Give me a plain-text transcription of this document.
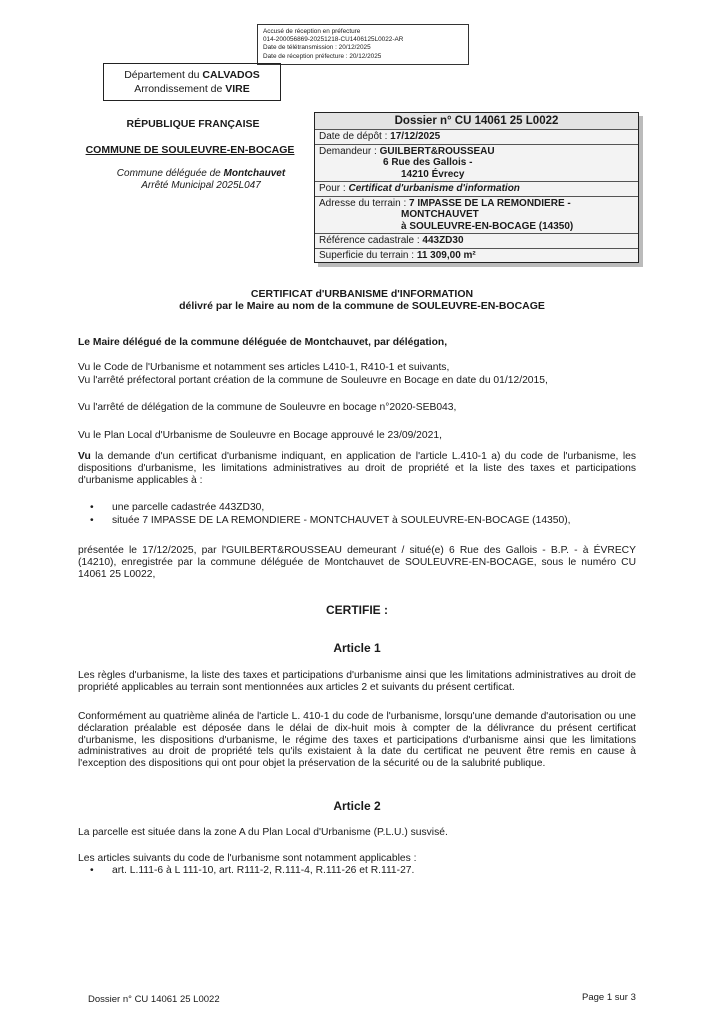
Accusé de réception en préfecture
014-200056869-20251218-CU1406125L0022-AR
Date de télétransmission : 20/12/2025
Date de réception préfecture : 20/12/2025
Département du CALVADOS
Arrondissement de VIRE
RÉPUBLIQUE FRANÇAISE
COMMUNE DE SOULEUVRE-EN-BOCAGE
Commune déléguée de Montchauvet
Arrêté Municipal 2025L047
Dossier n° CU 14061 25 L0022
Date de dépôt : 17/12/2025
Demandeur : GUILBERT&ROUSSEAU
6 Rue des Gallois -
14210 Évrecy
Pour : Certificat d'urbanisme d'information
Adresse du terrain : 7 IMPASSE DE LA REMONDIERE -
MONTCHAUVET
à SOULEUVRE-EN-BOCAGE (14350)
Référence cadastrale : 443ZD30
Superficie du terrain : 11 309,00 m²
CERTIFICAT d'URBANISME d'INFORMATION
délivré par le Maire au nom de la commune de SOULEUVRE-EN-BOCAGE
Le Maire délégué de la commune déléguée de Montchauvet, par délégation,
Vu le Code de l'Urbanisme et notamment ses articles L410-1, R410-1 et suivants,
Vu l'arrêté préfectoral portant création de la commune de Souleuvre en Bocage en date du 01/12/2015,
Vu l'arrêté de délégation de la commune de Souleuvre en bocage n°2020-SEB043,
Vu le Plan Local d'Urbanisme de Souleuvre en Bocage approuvé le 23/09/2021,
Vu la demande d'un certificat d'urbanisme indiquant, en application de l'article L.410-1 a) du code de l'urbanisme, les dispositions d'urbanisme, les limitations administratives au droit de propriété et la liste des taxes et participations d'urbanisme applicables à :
• une parcelle cadastrée 443ZD30,
• située 7 IMPASSE DE LA REMONDIERE - MONTCHAUVET à SOULEUVRE-EN-BOCAGE (14350),
présentée le 17/12/2025, par l'GUILBERT&ROUSSEAU demeurant / situé(e) 6 Rue des Gallois - B.P. - à ÉVRECY (14210), enregistrée par la commune déléguée de Montchauvet de SOULEUVRE-EN-BOCAGE, sous le numéro CU 14061 25 L0022,
CERTIFIE :
Article 1
Les règles d'urbanisme, la liste des taxes et participations d'urbanisme ainsi que les limitations administratives au droit de propriété applicables au terrain sont mentionnées aux articles 2 et suivants du présent certificat.
Conformément au quatrième alinéa de l'article L. 410-1 du code de l'urbanisme, lorsqu'une demande d'autorisation ou une déclaration préalable est déposée dans le délai de dix-huit mois à compter de la délivrance du présent certificat d'urbanisme, les dispositions d'urbanisme, le régime des taxes et participations d'urbanisme ainsi que les limitations administratives au droit de propriété tels qu'ils existaient à la date du certificat ne peuvent être remis en cause à l'exception des dispositions qui ont pour objet la préservation de la sécurité ou de la salubrité publique.
Article 2
La parcelle est située dans la zone A du Plan Local d'Urbanisme (P.L.U.) susvisé.
Les articles suivants du code de l'urbanisme sont notamment applicables :
• art. L.111-6 à L 111-10, art. R111-2, R.111-4, R.111-26 et R.111-27.
Dossier n° CU 14061 25 L0022	Page 1 sur 3
